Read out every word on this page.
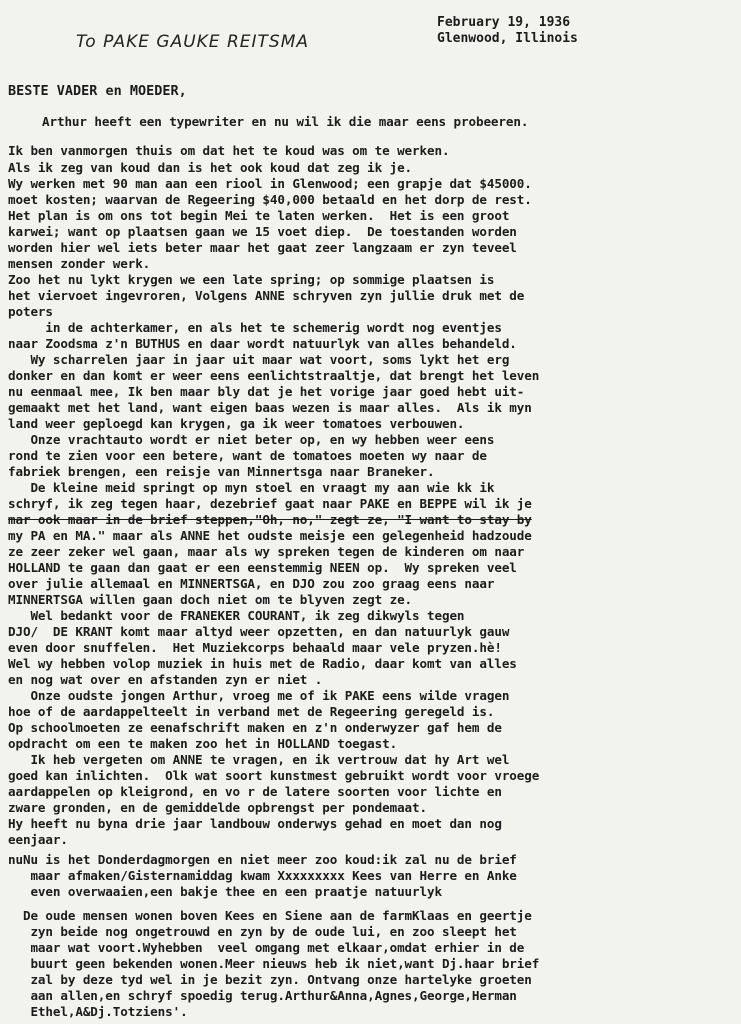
To PAKE GAUKE REITSMA
February 19, 1936
Glenwood, Illinois
BESTE VADER en MOEDER,
Arthur heeft een typewriter en nu wil ik die maar eens probeeren.
Ik ben vanmorgen thuis om dat het te koud was om te werken.
Als ik zeg van koud dan is het ook koud dat zeg ik je.
Wy werken met 90 man aan een riool in Glenwood; een grapje dat $45000.
moet kosten; waarvan de Regeering $40,000 betaald en het dorp de rest.
Het plan is om ons tot begin Mei te laten werken.  Het is een groot
karwei; want op plaatsen gaan we 15 voet diep.  De toestanden worden
worden hier wel iets beter maar het gaat zeer langzaam er zyn teveel
mensen zonder werk.
Zoo het nu lykt krygen we een late spring; op sommige plaatsen is
het viervoet ingevroren, Volgens ANNE schryven zyn jullie druk met de
poters
in de achterkamer, en als het te schemerig wordt nog eventjes
naar Zoodsma z'n BUTHUS en daar wordt natuurlyk van alles behandeld.
Wy scharrelen jaar in jaar uit maar wat voort, soms lykt het erg
donker en dan komt er weer eens eenlichtstraaltje, dat brengt het leven
nu eenmaal mee, Ik ben maar bly dat je het vorige jaar goed hebt uit-
gemaakt met het land, want eigen baas wezen is maar alles.  Als ik myn
land weer geploegd kan krygen, ga ik weer tomatoes verbouwen.
Onze vrachtauto wordt er niet beter op, en wy hebben weer eens
rond te zien voor een betere, want de tomatoes moeten wy naar de
fabriek brengen, een reisje van Minnertsga naar Braneker.
De kleine meid springt op myn stoel en vraagt my aan wie kk ik
schryf, ik zeg tegen haar, dezebrief gaat naar PAKE en BEPPE wil ik je
mar ook maar in de brief steppen,"Oh, no," zegt ze, "I want to stay by
my PA en MA." maar als ANNE het oudste meisje een gelegenheid hadzoude
ze zeer zeker wel gaan, maar als wy spreken tegen de kinderen om naar
HOLLAND te gaan dan gaat er een eenstemmig NEEN op.  Wy spreken veel
over julie allemaal en MINNERTSGA, en DJO zou zoo graag eens naar
MINNERTSGA willen gaan doch niet om te blyven zegt ze.
Wel bedankt voor de FRANEKER COURANT, ik zeg dikwyls tegen
DJO/  DE KRANT komt maar altyd weer opzetten, en dan natuurlyk gauw
even door snuffelen.  Het Muziekcorps behaald maar vele pryzen.hè!
Wel wy hebben volop muziek in huis met de Radio, daar komt van alles
en nog wat over en afstanden zyn er niet .
Onze oudste jongen Arthur, vroeg me of ik PAKE eens wilde vragen
hoe of de aardappelteelt in verband met de Regeering geregeld is.
Op schoolmoeten ze eenafschrift maken en z'n onderwyzer gaf hem de
opdracht om een te maken zoo het in HOLLAND toegast.
Ik heb vergeten om ANNE te vragen, en ik vertrouw dat hy Art wel
goed kan inlichten.  Olk wat soort kunstmest gebruikt wordt voor vroege
aardappelen op kleigrond, en vo r de latere soorten voor lichte en
zware gronden, en de gemiddelde opbrengst per pondemaat.
Hy heeft nu byna drie jaar landbouw onderwys gehad en moet dan nog
eenjaar.
nuNu is het Donderdagmorgen en niet meer zoo koud:ik zal nu de brief
maar afmaken/Gisternamiddag kwam Xxxxxxxxx Kees van Herre en Anke
even overwaaien,een bakje thee en een praatje natuurlyk
De oude mensen wonen boven Kees en Siene aan de farmKlaas en geertje
zyn beide nog ongetrouwd en zyn by de oude lui, en zoo sleept het
maar wat voort.Wyhebben  veel omgang met elkaar,omdat erhier in de
buurt geen bekenden wonen.Meer nieuws heb ik niet,want Dj.haar brief
zal by deze tyd wel in je bezit zyn. Ontvang onze hartelyke groeten
aan allen,en schryf spoedig terug.Arthur&Anna,Agnes,George,Herman
Ethel,A&Dj.Totziens'.
